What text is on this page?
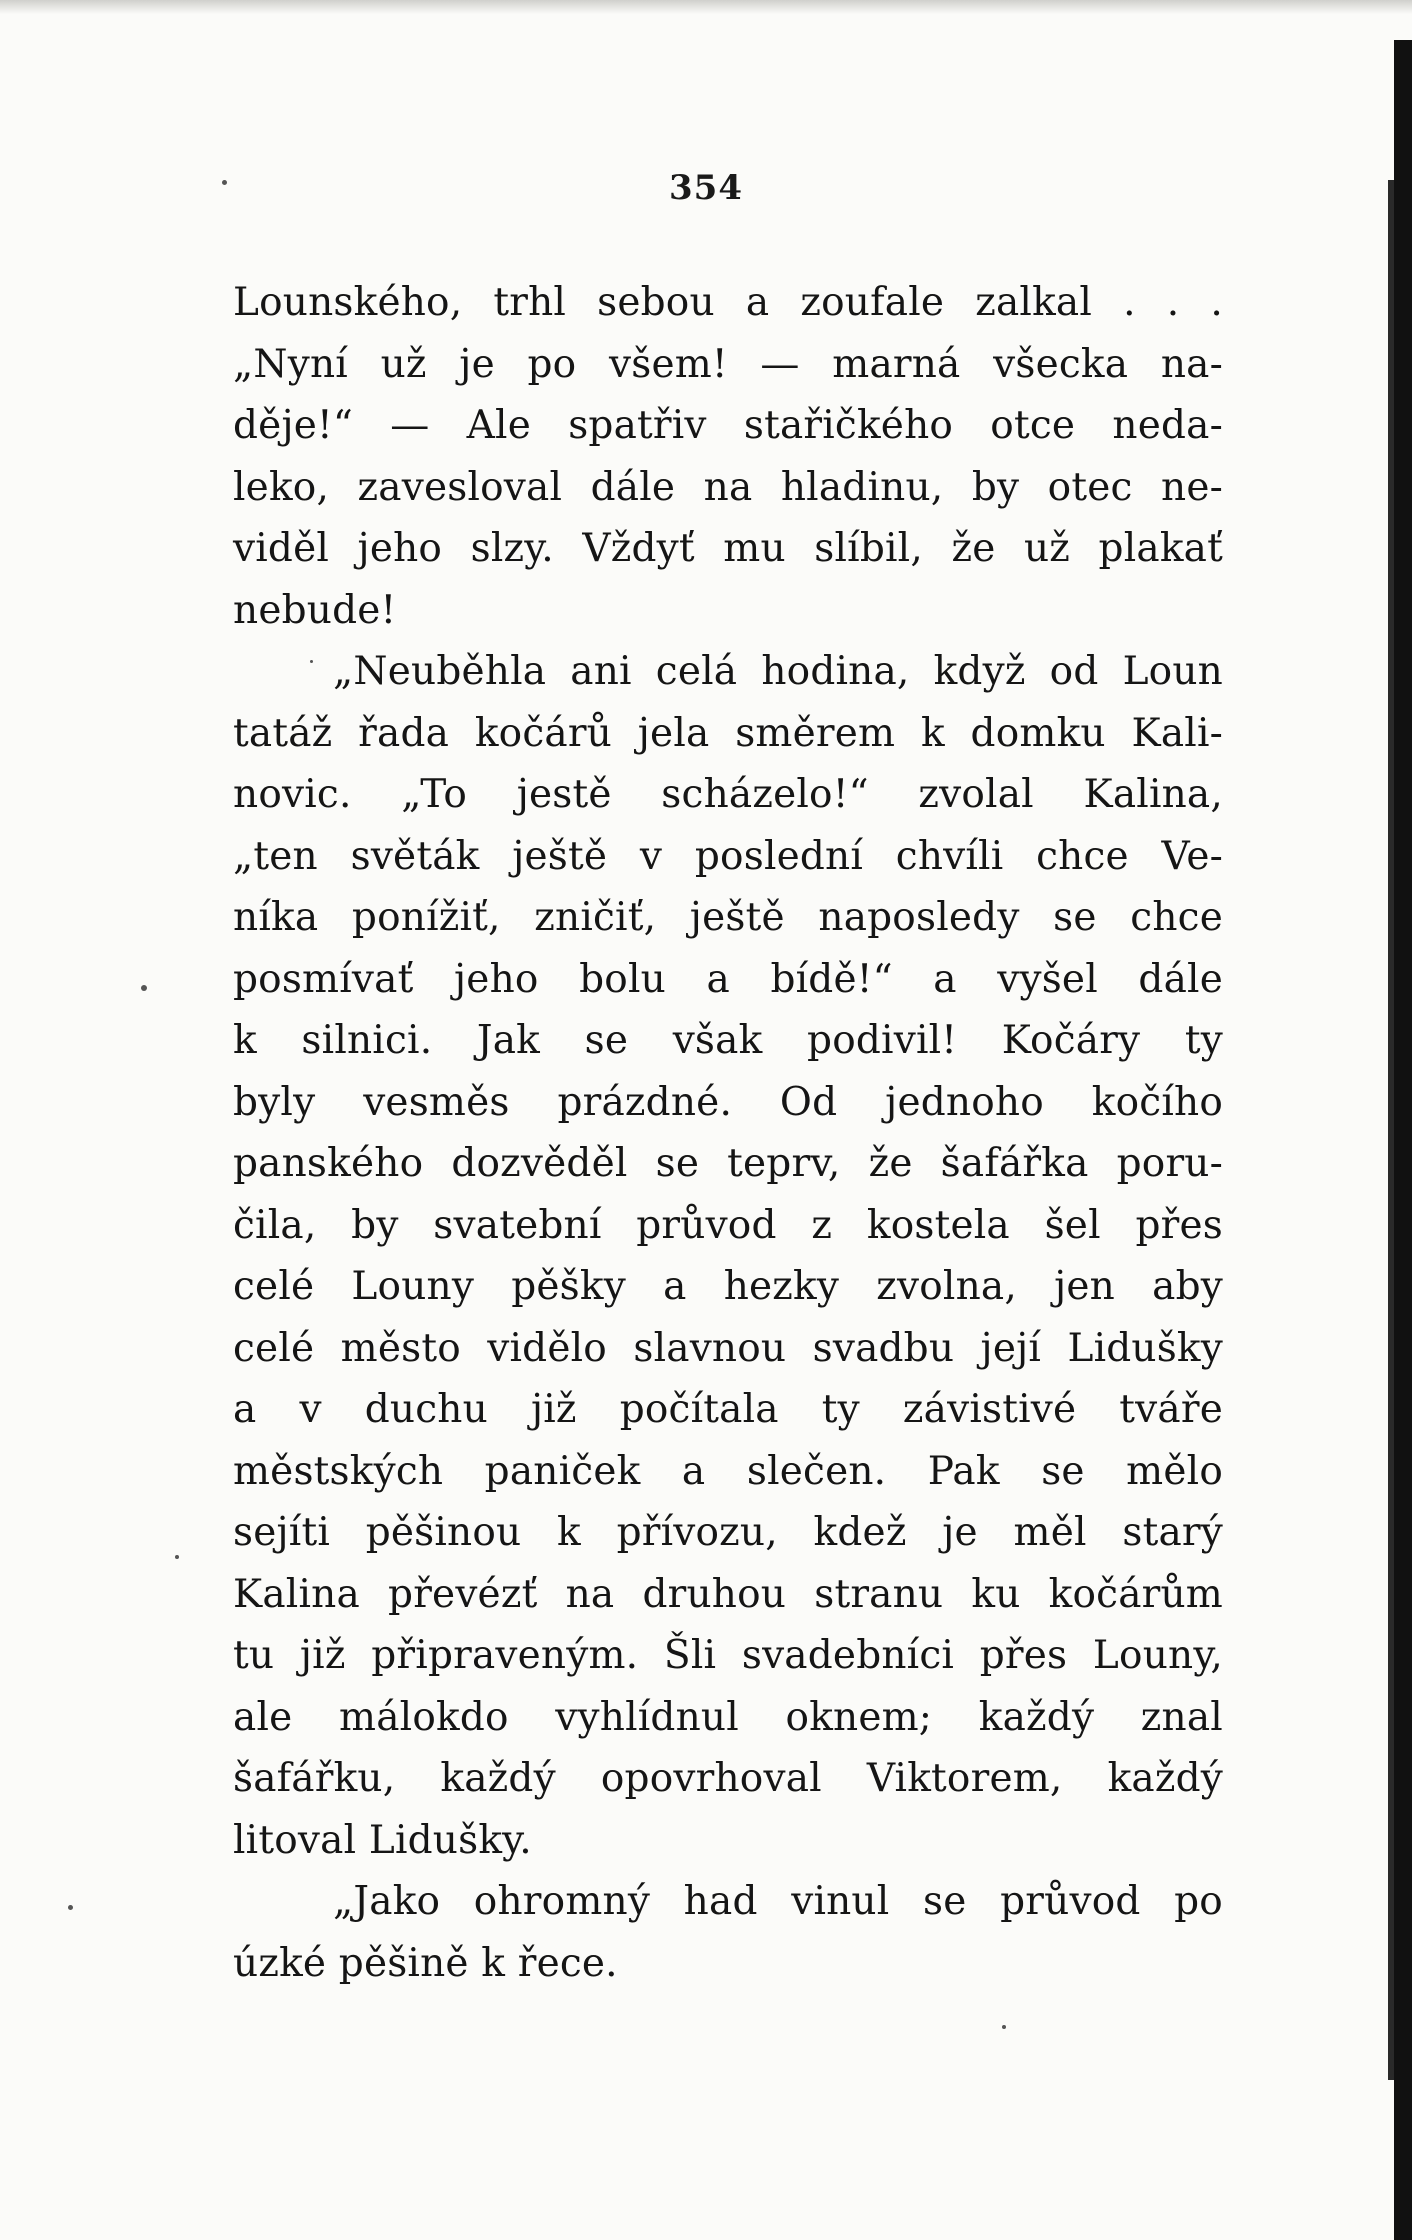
354
Lounského, trhl sebou a zoufale zalkal . . .
„Nyní už je po všem! — marná všecka na-
děje!“ — Ale spatřiv stařičkého otce neda-
leko, zavesloval dále na hladinu, by otec ne-
viděl jeho slzy. Vždyť mu slíbil, že už plakať
nebude!
„Neuběhla ani celá hodina, když od Loun
tatáž řada kočárů jela směrem k domku Kali-
novic. „To jestě scházelo!“ zvolal Kalina,
„ten světák ještě v poslední chvíli chce Ve-
níka ponížiť, zničiť, ještě naposledy se chce
posmívať jeho bolu a bídě!“ a vyšel dále
k silnici. Jak se však podivil! Kočáry ty
byly vesměs prázdné. Od jednoho kočího
panského dozvěděl se teprv, že šafářka poru-
čila, by svatební průvod z kostela šel přes
celé Louny pěšky a hezky zvolna, jen aby
celé město vidělo slavnou svadbu její Lidušky
a v duchu již počítala ty závistivé tváře
městských paniček a slečen. Pak se mělo
sejíti pěšinou k přívozu, kdež je měl starý
Kalina převézť na druhou stranu ku kočárům
tu již připraveným. Šli svadebníci přes Louny,
ale málokdo vyhlídnul oknem; každý znal
šafářku, každý opovrhoval Viktorem, každý
litoval Lidušky.
„Jako ohromný had vinul se průvod po
úzké pěšině k řece.
